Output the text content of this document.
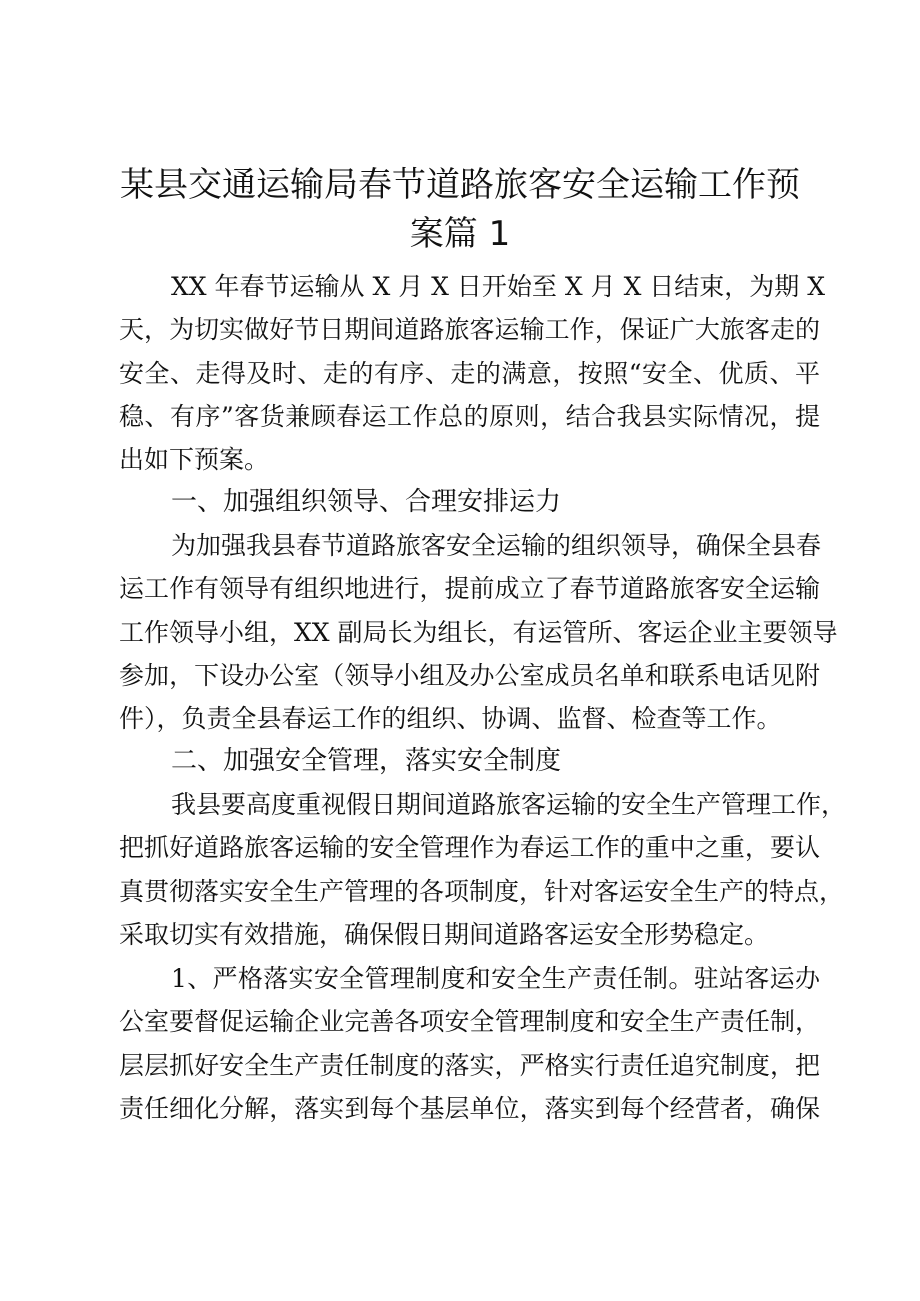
某县交通运输局春节道路旅客安全运输工作预
案篇 1
XX 年春节运输从 X 月 X 日开始至 X 月 X 日结束，为期 X
天，为切实做好节日期间道路旅客运输工作，保证广大旅客走的
安全、走得及时、走的有序、走的满意，按照“安全、优质、平
稳、有序”客货兼顾春运工作总的原则，结合我县实际情况，提
出如下预案。
一、加强组织领导、合理安排运力
为加强我县春节道路旅客安全运输的组织领导，确保全县春
运工作有领导有组织地进行，提前成立了春节道路旅客安全运输
工作领导小组，XX 副局长为组长，有运管所、客运企业主要领导
参加，下设办公室（领导小组及办公室成员名单和联系电话见附
件），负责全县春运工作的组织、协调、监督、检查等工作。
二、加强安全管理，落实安全制度
我县要高度重视假日期间道路旅客运输的安全生产管理工作，
把抓好道路旅客运输的安全管理作为春运工作的重中之重，要认
真贯彻落实安全生产管理的各项制度，针对客运安全生产的特点，
采取切实有效措施，确保假日期间道路客运安全形势稳定。
1、严格落实安全管理制度和安全生产责任制。驻站客运办
公室要督促运输企业完善各项安全管理制度和安全生产责任制，
层层抓好安全生产责任制度的落实，严格实行责任追究制度，把
责任细化分解，落实到每个基层单位，落实到每个经营者，确保
